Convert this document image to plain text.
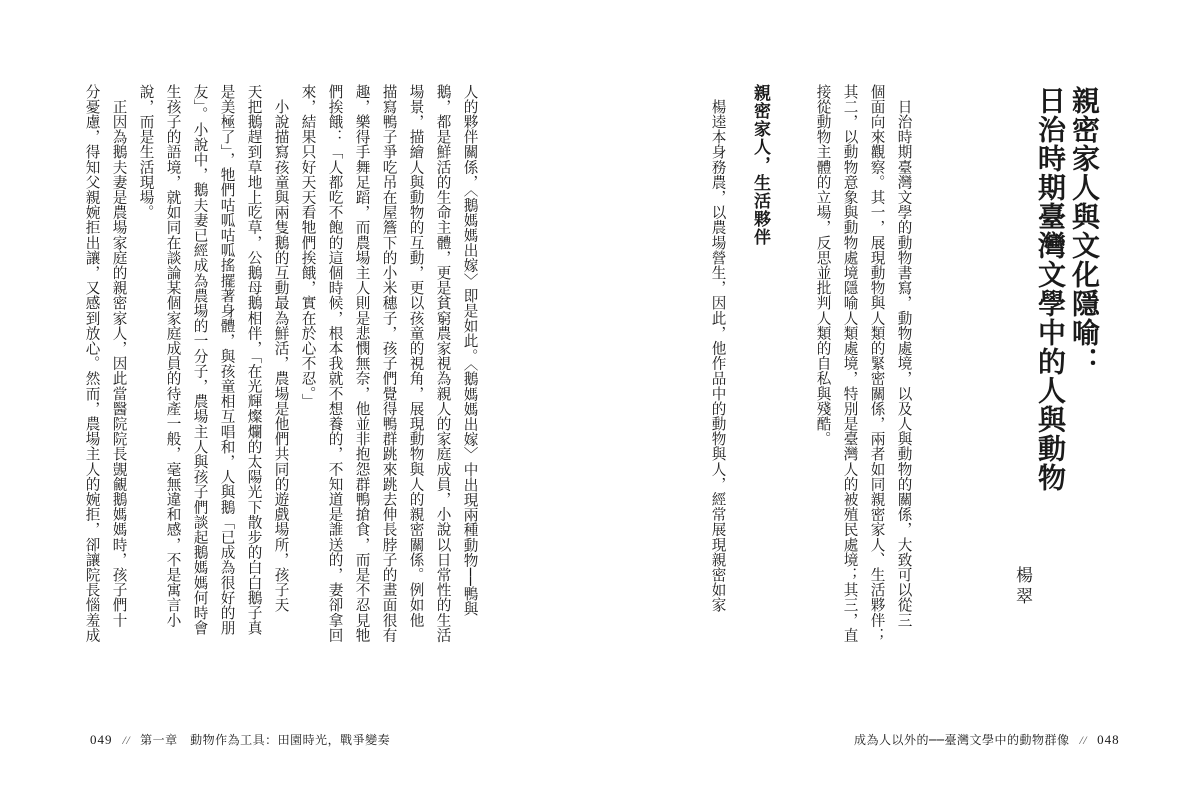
人的夥伴關係，〈鵝媽媽出嫁〉即是如此。〈鵝媽媽出嫁〉中出現兩種動物──鴨與
鵝，都是鮮活的生命主體，更是貧窮農家視為親人的家庭成員，小說以日常性的生活
場景，描繪人與動物的互動，更以孩童的視角，展現動物與人的親密關係。例如他
描寫鴨子爭吃吊在屋簷下的小米穗子，孩子們覺得鴨群跳來跳去伸長脖子的畫面很有
趣，樂得手舞足蹈，而農場主人則是悲憫無奈，他並非抱怨群鴨搶食，而是不忍見牠
們挨餓：「人都吃不飽的這個時候，根本我就不想養的，不知道是誰送的，妻卻拿回
來，結果只好天天看牠們挨餓，實在於心不忍。」
　小說描寫孩童與兩隻鵝的互動最為鮮活，農場是他們共同的遊戲場所，孩子天
天把鵝趕到草地上吃草，公鵝母鵝相伴，「在光輝燦爛的太陽光下散步的白白鵝子真
是美極了」，牠們咕呱咕呱搖擺著身體，與孩童相互唱和，人與鵝「已成為很好的朋
友」。小說中，鵝夫妻已經成為農場的一分子，農場主人與孩子們談起鵝媽媽何時會
生孩子的語境，就如同在談論某個家庭成員的待產一般，毫無違和感，不是寓言小
說，而是生活現場。
　正因為鵝夫妻是農場家庭的親密家人，因此當醫院院長覬覦鵝媽媽時，孩子們十
分憂慮，得知父親婉拒出讓，又感到放心。然而，農場主人的婉拒，卻讓院長惱羞成
049 // 第一章　動物作為工具：田園時光，戰爭變奏
親密家人與文化隱喻：
日治時期臺灣文學中的人與動物
楊翠
　日治時期臺灣文學的動物書寫，動物處境，以及人與動物的關係，大致可以從三
個面向來觀察。其一，展現動物與人類的緊密關係，兩者如同親密家人、生活夥伴；
其二，以動物意象與動物處境隱喻人類處境，特別是臺灣人的被殖民處境；其三，直
接從動物主體的立場，反思並批判人類的自私與殘酷。
親密家人，生活夥伴
　楊逵本身務農，以農場營生，因此，他作品中的動物與人，經常展現親密如家
成為人以外的──臺灣文學中的動物群像 // 048
